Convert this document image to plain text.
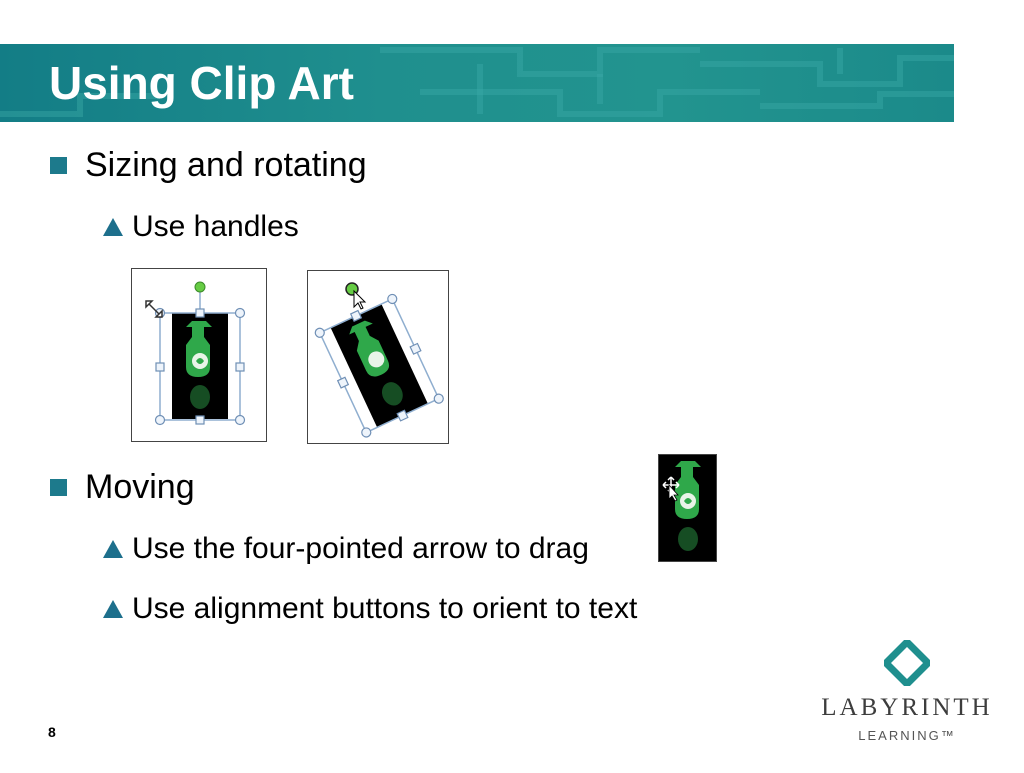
Using Clip Art
Sizing and rotating
Use handles
Moving
Use the four-pointed arrow to drag
Use alignment buttons to orient to text
8
LABYRINTH
LEARNING™
